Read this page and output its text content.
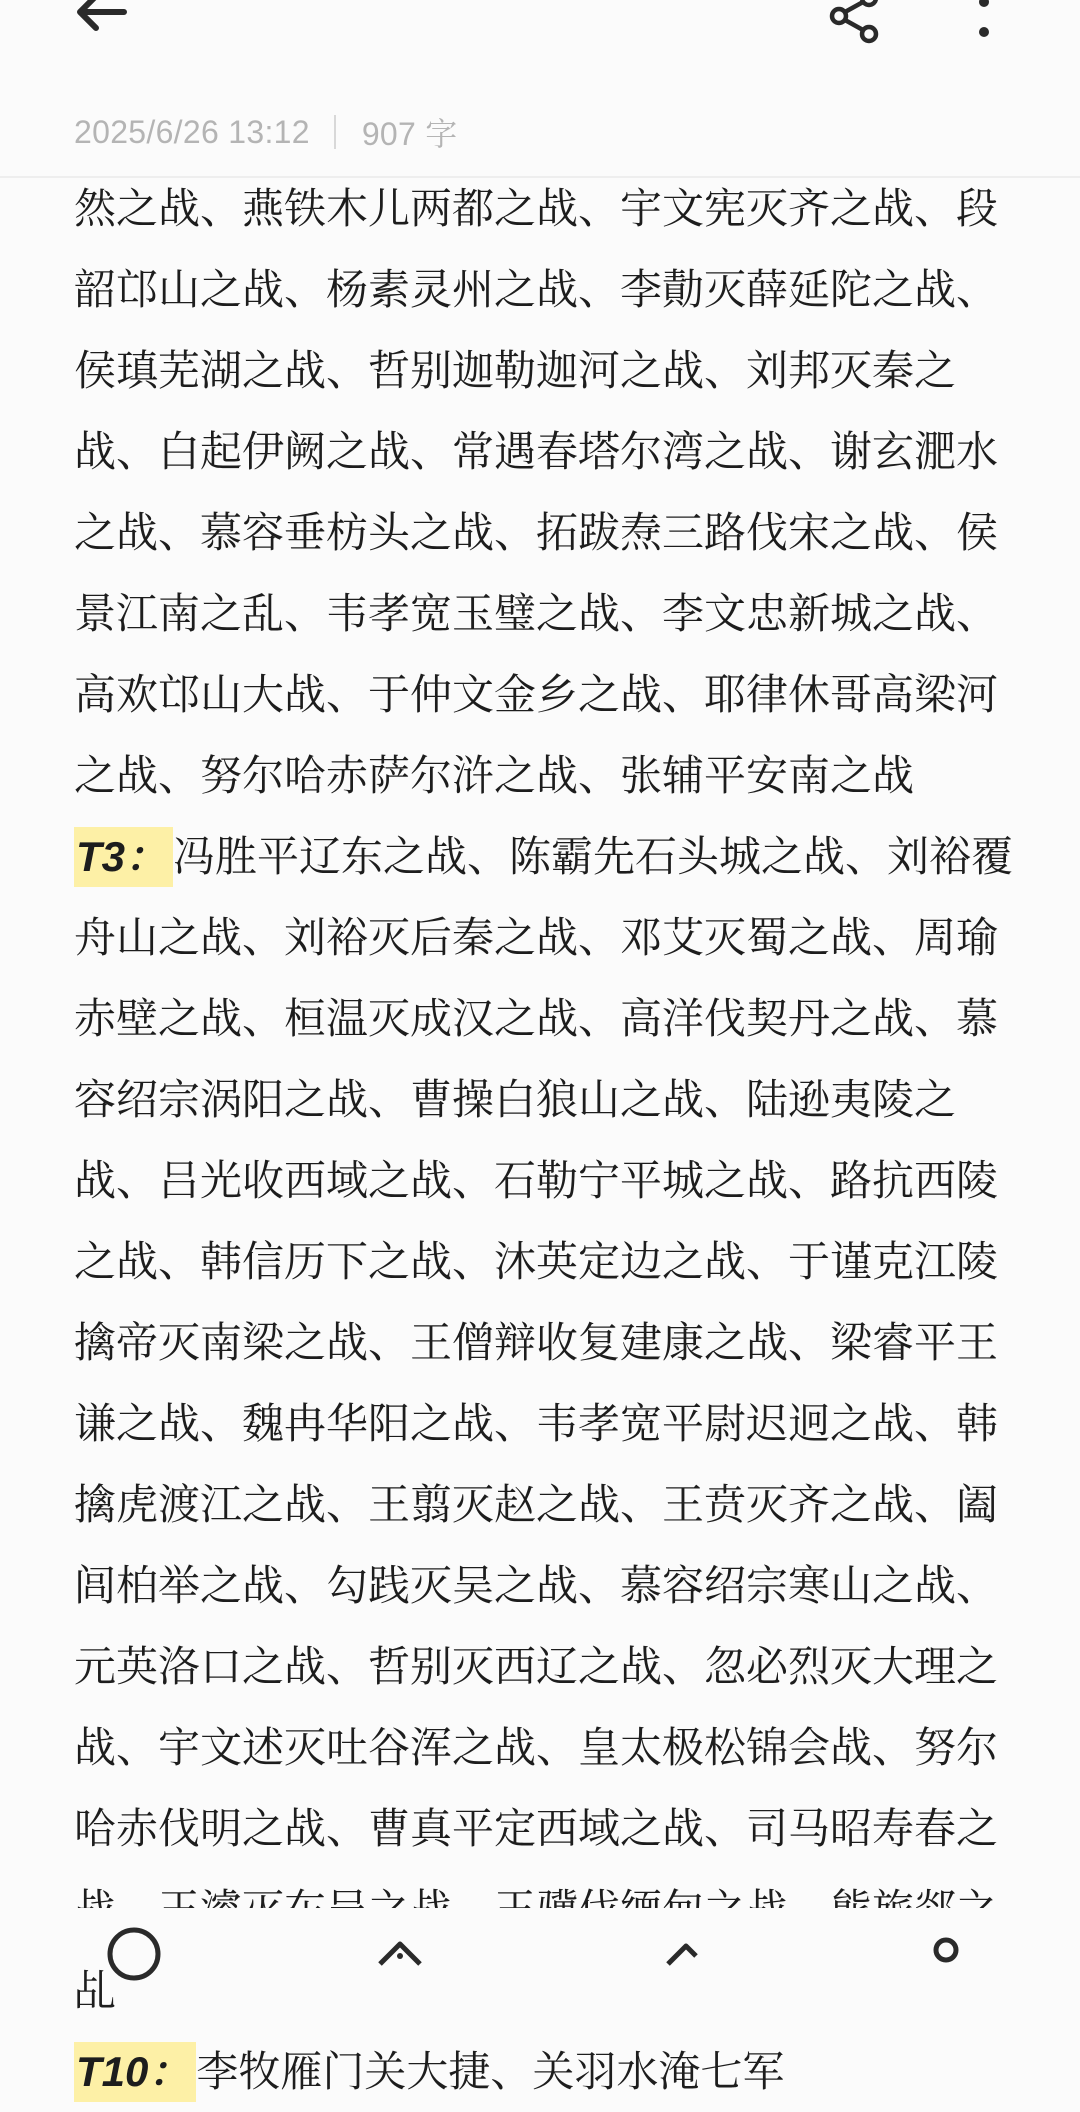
2025/6/26 13:12 907 字
然之战、燕铁木儿两都之战、宇文宪灭齐之战、段
韶邙山之战、杨素灵州之战、李勣灭薛延陀之战、
侯瑱芜湖之战、哲别迦勒迦河之战、刘邦灭秦之
战、白起伊阙之战、常遇春塔尔湾之战、谢玄淝水
之战、慕容垂枋头之战、拓跋焘三路伐宋之战、侯
景江南之乱、韦孝宽玉璧之战、李文忠新城之战、
高欢邙山大战、于仲文金乡之战、耶律休哥高梁河
之战、努尔哈赤萨尔浒之战、张辅平安南之战
T3： 冯胜平辽东之战、陈霸先石头城之战、刘裕覆
舟山之战、刘裕灭后秦之战、邓艾灭蜀之战、周瑜
赤壁之战、桓温灭成汉之战、高洋伐契丹之战、慕
容绍宗涡阳之战、曹操白狼山之战、陆逊夷陵之
战、吕光收西域之战、石勒宁平城之战、路抗西陵
之战、韩信历下之战、沐英定边之战、于谨克江陵
擒帝灭南梁之战、王僧辩收复建康之战、梁睿平王
谦之战、魏冉华阳之战、韦孝宽平尉迟迥之战、韩
擒虎渡江之战、王翦灭赵之战、王贲灭齐之战、阖
闾柏举之战、勾践灭吴之战、慕容绍宗寒山之战、
元英洛口之战、哲别灭西辽之战、忽必烈灭大理之
战、宇文述灭吐谷浑之战、皇太极松锦会战、努尔
哈赤伐明之战、曹真平定西域之战、司马昭寿春之
乩
T10： 李牧雁门关大捷、关羽水淹七军
